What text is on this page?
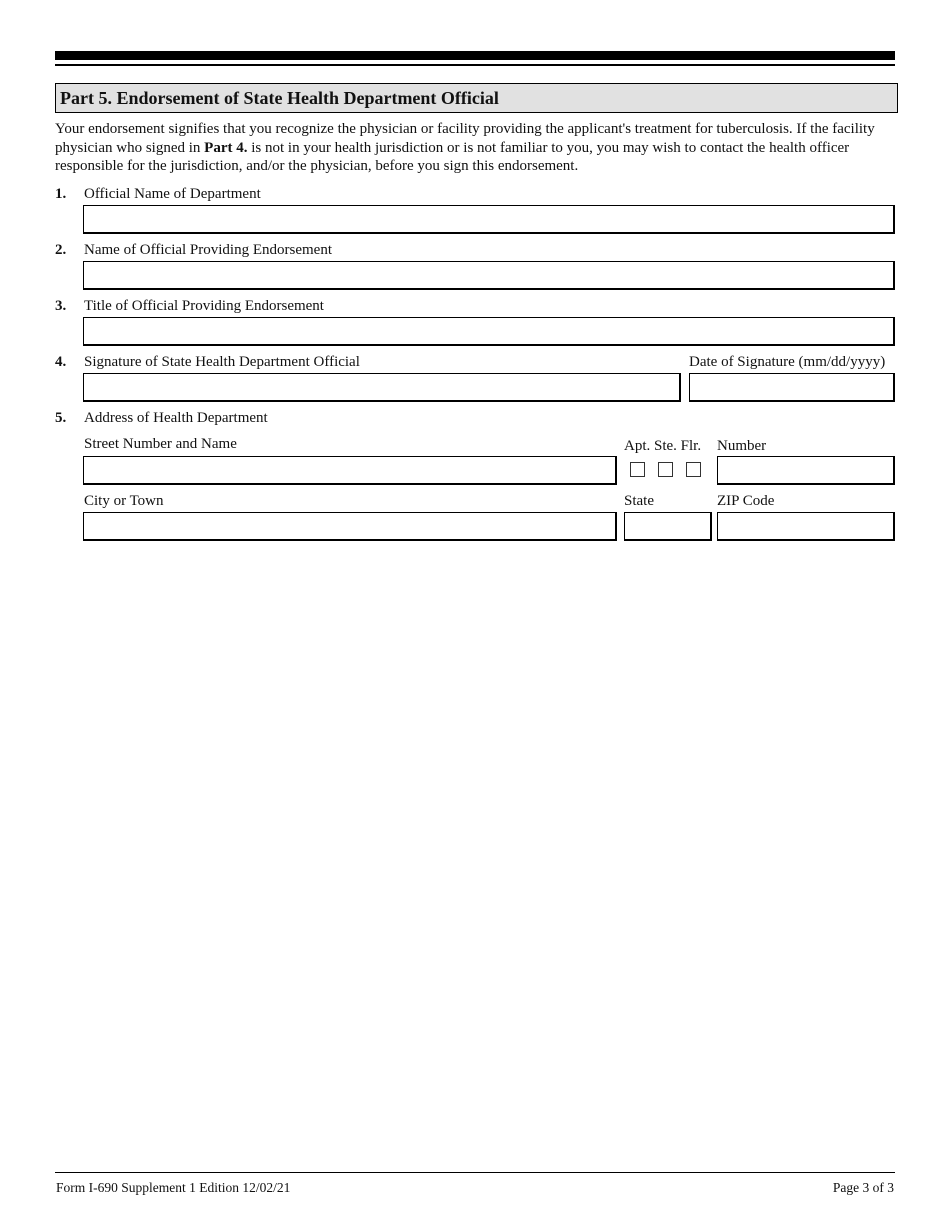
Part 5. Endorsement of State Health Department Official
Your endorsement signifies that you recognize the physician or facility providing the applicant's treatment for tuberculosis. If the facility physician who signed in Part 4. is not in your health jurisdiction or is not familiar to you, you may wish to contact the health officer responsible for the jurisdiction, and/or the physician, before you sign this endorsement.
1.	Official Name of Department
2.	Name of Official Providing Endorsement
3.	Title of Official Providing Endorsement
4.	Signature of State Health Department Official	Date of Signature (mm/dd/yyyy)
5.	Address of Health Department
Street Number and Name	Apt. Ste. Flr. Number
City or Town	State	ZIP Code
Form I-690 Supplement 1 Edition 12/02/21	Page 3 of 3
